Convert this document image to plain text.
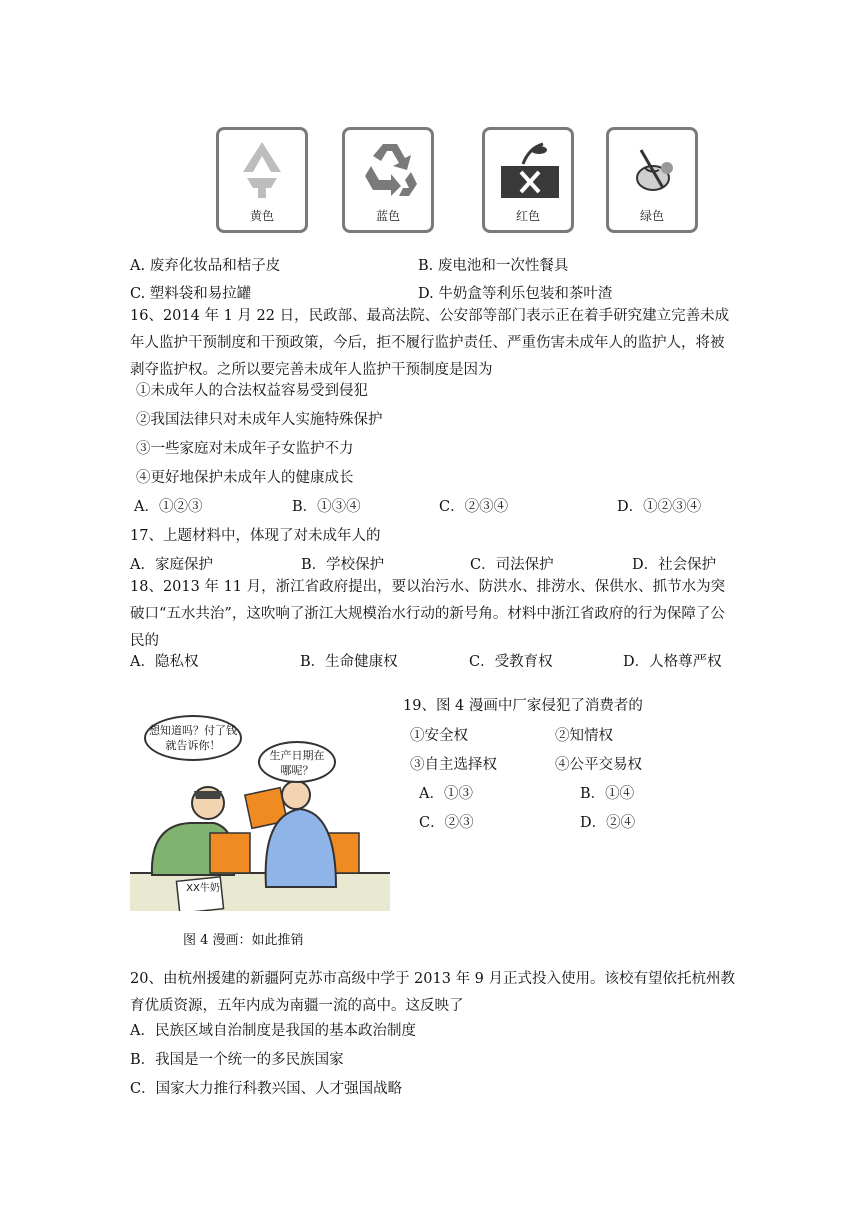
黄色	蓝色	红色	绿色
A. 废弃化妆品和桔子皮	B. 废电池和一次性餐具
C. 塑料袋和易拉罐	D. 牛奶盒等利乐包装和茶叶渣
16、2014 年 1 月 22 日，民政部、最高法院、公安部等部门表示正在着手研究建立完善未成年人监护干预制度和干预政策，今后，拒不履行监护责任、严重伤害未成年人的监护人，将被剥夺监护权。之所以要完善未成年人监护干预制度是因为
①未成年人的合法权益容易受到侵犯
②我国法律只对未成年人实施特殊保护
③一些家庭对未成年子女监护不力
④更好地保护未成年人的健康成长
A．①②③	B．①③④	C．②③④	D．①②③④
17、上题材料中，体现了对未成年人的
A．家庭保护	B．学校保护	C．司法保护	D．社会保护
18、2013 年 11 月，浙江省政府提出，要以治污水、防洪水、排涝水、保供水、抓节水为突破口“五水共治”，这吹响了浙江大规模治水行动的新号角。材料中浙江省政府的行为保障了公民的
A．隐私权	B．生命健康权	C．受教育权	D．人格尊严权
XX牛奶
想知道吗？付了钱就告诉你！
生产日期在哪呢？
图 4 漫画：如此推销
19、图 4 漫画中厂家侵犯了消费者的
①安全权	②知情权
③自主选择权	④公平交易权
A．①③	B．①④
C．②③	D．②④
20、由杭州援建的新疆阿克苏市高级中学于 2013 年 9 月正式投入使用。该校有望依托杭州教育优质资源，五年内成为南疆一流的高中。这反映了
A．民族区域自治制度是我国的基本政治制度
B．我国是一个统一的多民族国家
C．国家大力推行科教兴国、人才强国战略
